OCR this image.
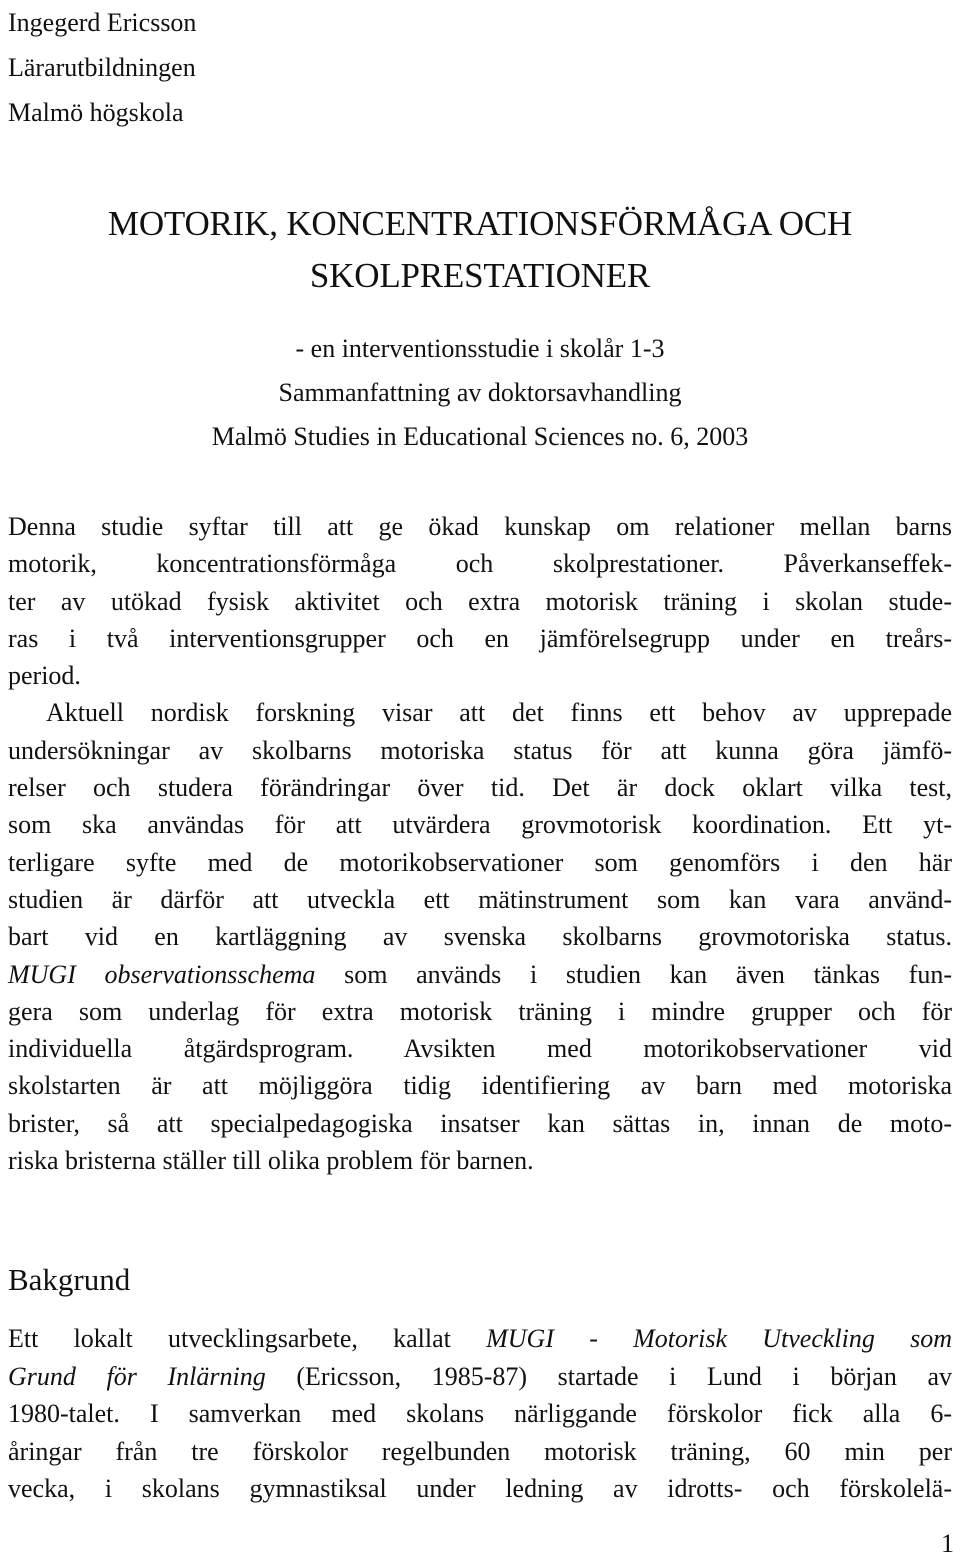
Ingegerd Ericsson
Lärarutbildningen
Malmö högskola
MOTORIK, KONCENTRATIONSFÖRMÅGA OCH
SKOLPRESTATIONER
- en interventionsstudie i skolår 1-3
Sammanfattning av doktorsavhandling
Malmö Studies in Educational Sciences no. 6, 2003
Denna studie syftar till att ge ökad kunskap om relationer mellan barns
motorik, koncentrationsförmåga och skolprestationer. Påverkanseffek-
ter av utökad fysisk aktivitet och extra motorisk träning i skolan stude-
ras i två interventionsgrupper och en jämförelsegrupp under en treårs-
period.
Aktuell nordisk forskning visar att det finns ett behov av upprepade
undersökningar av skolbarns motoriska status för att kunna göra jämfö-
relser och studera förändringar över tid. Det är dock oklart vilka test,
som ska användas för att utvärdera grovmotorisk koordination. Ett yt-
terligare syfte med de motorikobservationer som genomförs i den här
studien är därför att utveckla ett mätinstrument som kan vara använd-
bart vid en kartläggning av svenska skolbarns grovmotoriska status.
MUGI observationsschema som används i studien kan även tänkas fun-
gera som underlag för extra motorisk träning i mindre grupper och för
individuella åtgärdsprogram. Avsikten med motorikobservationer vid
skolstarten är att möjliggöra tidig identifiering av barn med motoriska
brister, så att specialpedagogiska insatser kan sättas in, innan de moto-
riska bristerna ställer till olika problem för barnen.
Bakgrund
Ett lokalt utvecklingsarbete, kallat MUGI - Motorisk Utveckling som
Grund för Inlärning (Ericsson, 1985-87) startade i Lund i början av
1980-talet. I samverkan med skolans närliggande förskolor fick alla 6-
åringar från tre förskolor regelbunden motorisk träning, 60 min per
vecka, i skolans gymnastiksal under ledning av idrotts- och förskolelä-
1
